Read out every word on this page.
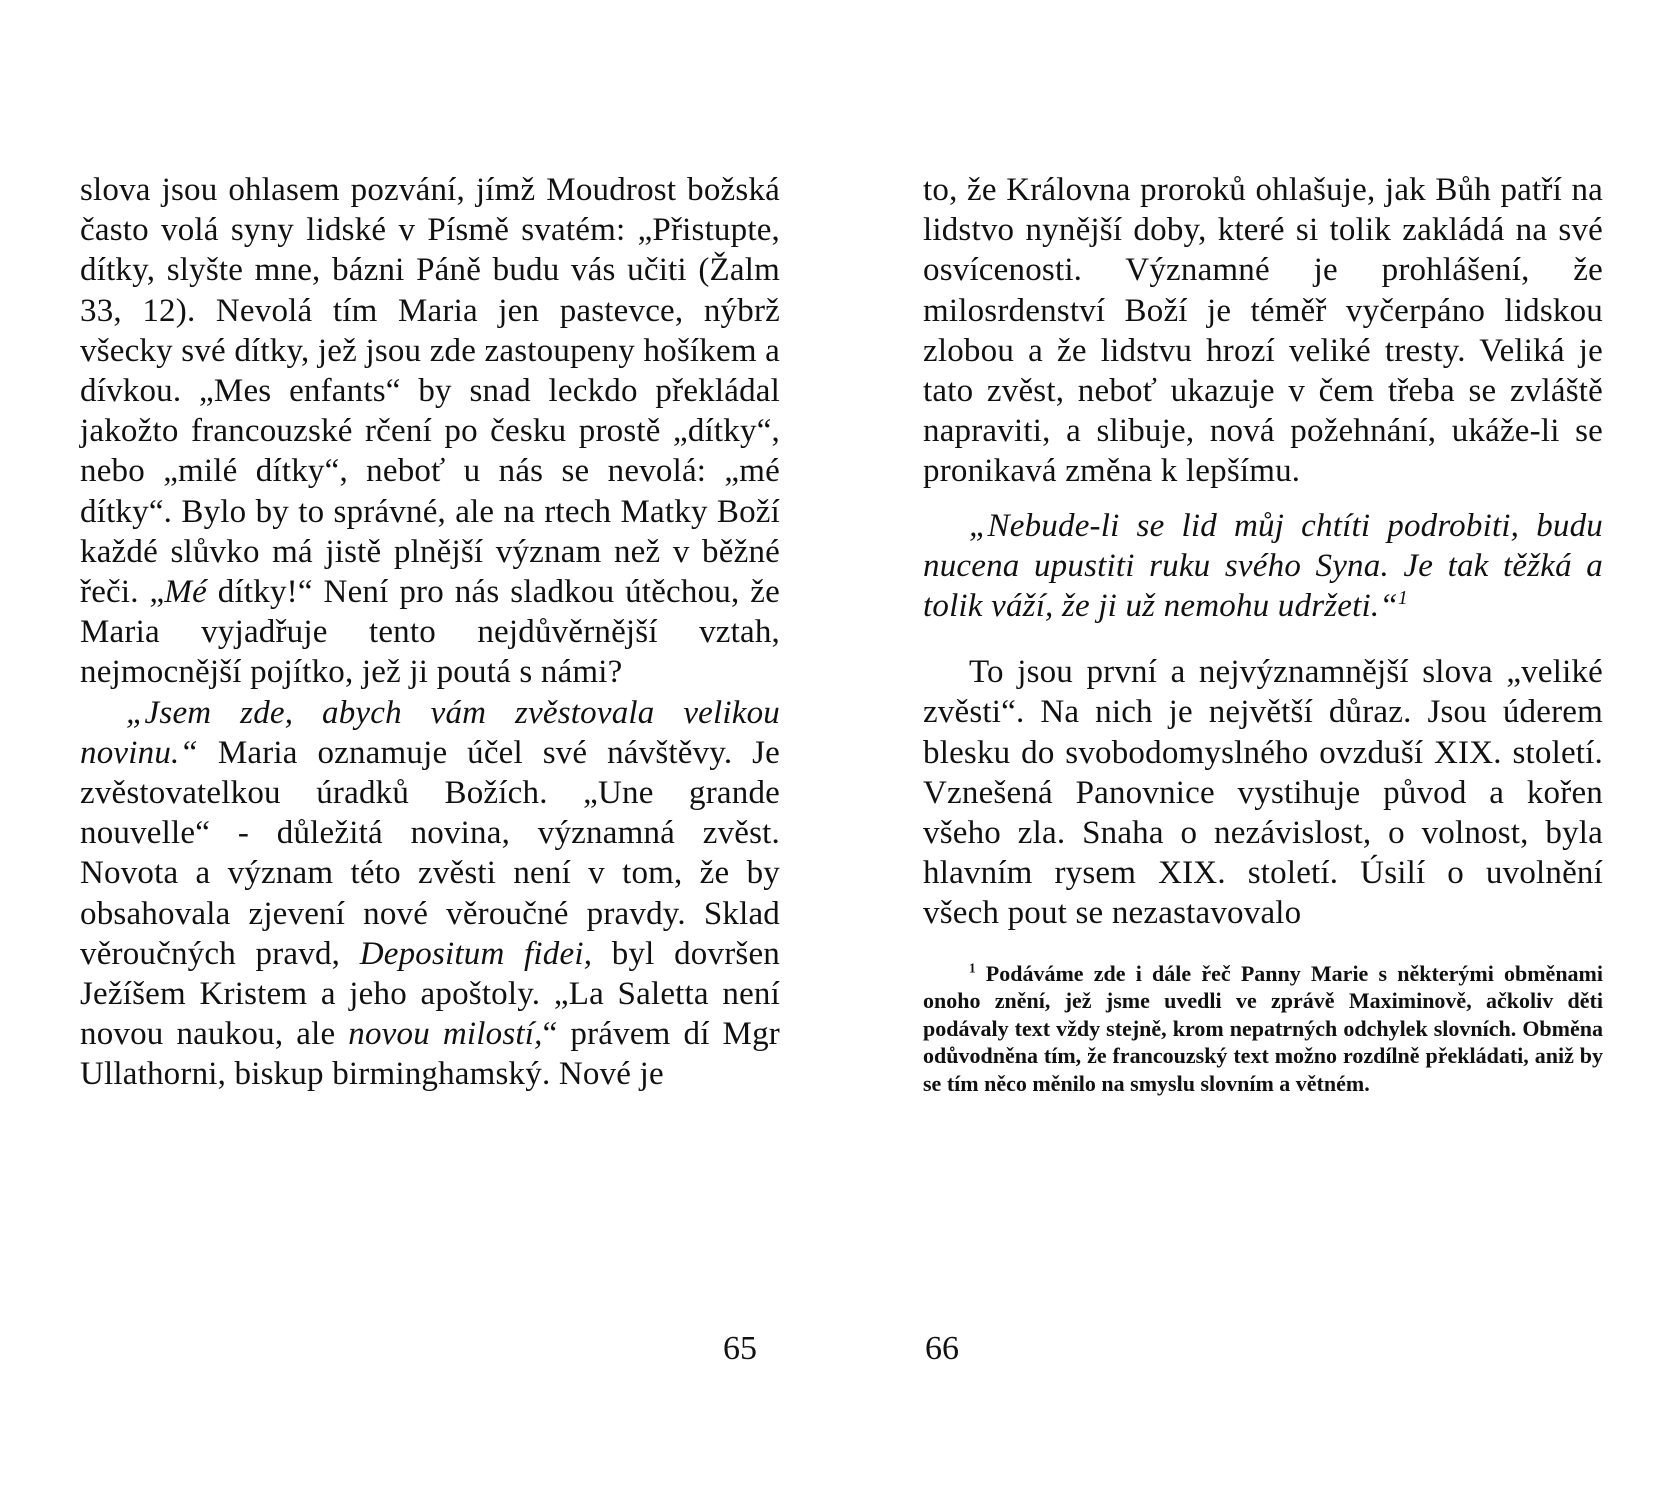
slova jsou ohlasem pozvání, jímž Moudrost božská často volá syny lidské v Písmě svatém: „Přistupte, dítky, slyšte mne, bázni Páně budu vás učiti (Žalm 33, 12). Nevolá tím Maria jen pastevce, nýbrž všecky své dítky, jež jsou zde zastoupeny hošíkem a dívkou. „Mes enfants“ by snad leckdo překládal jakožto francouzské rčení po česku prostě „dítky“, nebo „milé dítky“, neboť u nás se nevolá: „mé dítky“. Bylo by to správné, ale na rtech Matky Boží každé slůvko má jistě plnější význam než v běžné řeči. „Mé dítky!“ Není pro nás sladkou útěchou, že Maria vyjadřuje tento nejdůvěrnější vztah, nejmocnější pojítko, jež ji poutá s námi?

„Jsem zde, abych vám zvěstovala velikou novinu.“ Maria oznamuje účel své návštěvy. Je zvěstovatelkou úradků Božích. „Une grande nouvelle“ - důležitá novina, významná zvěst. Novota a význam této zvěsti není v tom, že by obsahovala zjevení nové věroučné pravdy. Sklad věroučných pravd, Depositum fidei, byl dovršen Ježíšem Kristem a jeho apoštoly. „La Saletta není novou naukou, ale novou milostí,“ právem dí Mgr Ullathorni, biskup birminghamský. Nové je

65

to, že Královna proroků ohlašuje, jak Bůh patří na lidstvo nynější doby, které si tolik zakládá na své osvícenosti. Významné je prohlášení, že milosrdenství Boží je téměř vyčerpáno lidskou zlobou a že lidstvu hrozí veliké tresty. Veliká je tato zvěst, neboť ukazuje v čem třeba se zvláště napraviti, a slibuje, nová požehnání, ukáže-li se pronikavá změna k lepšímu.

„Nebude-li se lid můj chtíti podrobiti, budu nucena upustiti ruku svého Syna. Je tak těžká a tolik váží, že ji už nemohu udržeti.“$^1$

To jsou první a nejvýznamnější slova „veliké zvěsti“. Na nich je největší důraz. Jsou úderem blesku do svobodomyslného ovzduší XIX. století. Vznešená Panovnice vystihuje původ a kořen všeho zla. Snaha o nezávislost, o volnost, byla hlavním rysem XIX. století. Úsilí o uvolnění všech pout se nezastavovalo

$^1$ Podáváme zde i dále řeč Panny Marie s některými obměnami onoho znění, jež jsme uvedli ve zprávě Maximinově, ačkoliv děti podávaly text vždy stejně, krom nepatrných odchylek slovních. Obměna odůvodněna tím, že francouzský text možno rozdílně překládati, aniž by se tím něco měnilo na smyslu slovním a větném.

66
